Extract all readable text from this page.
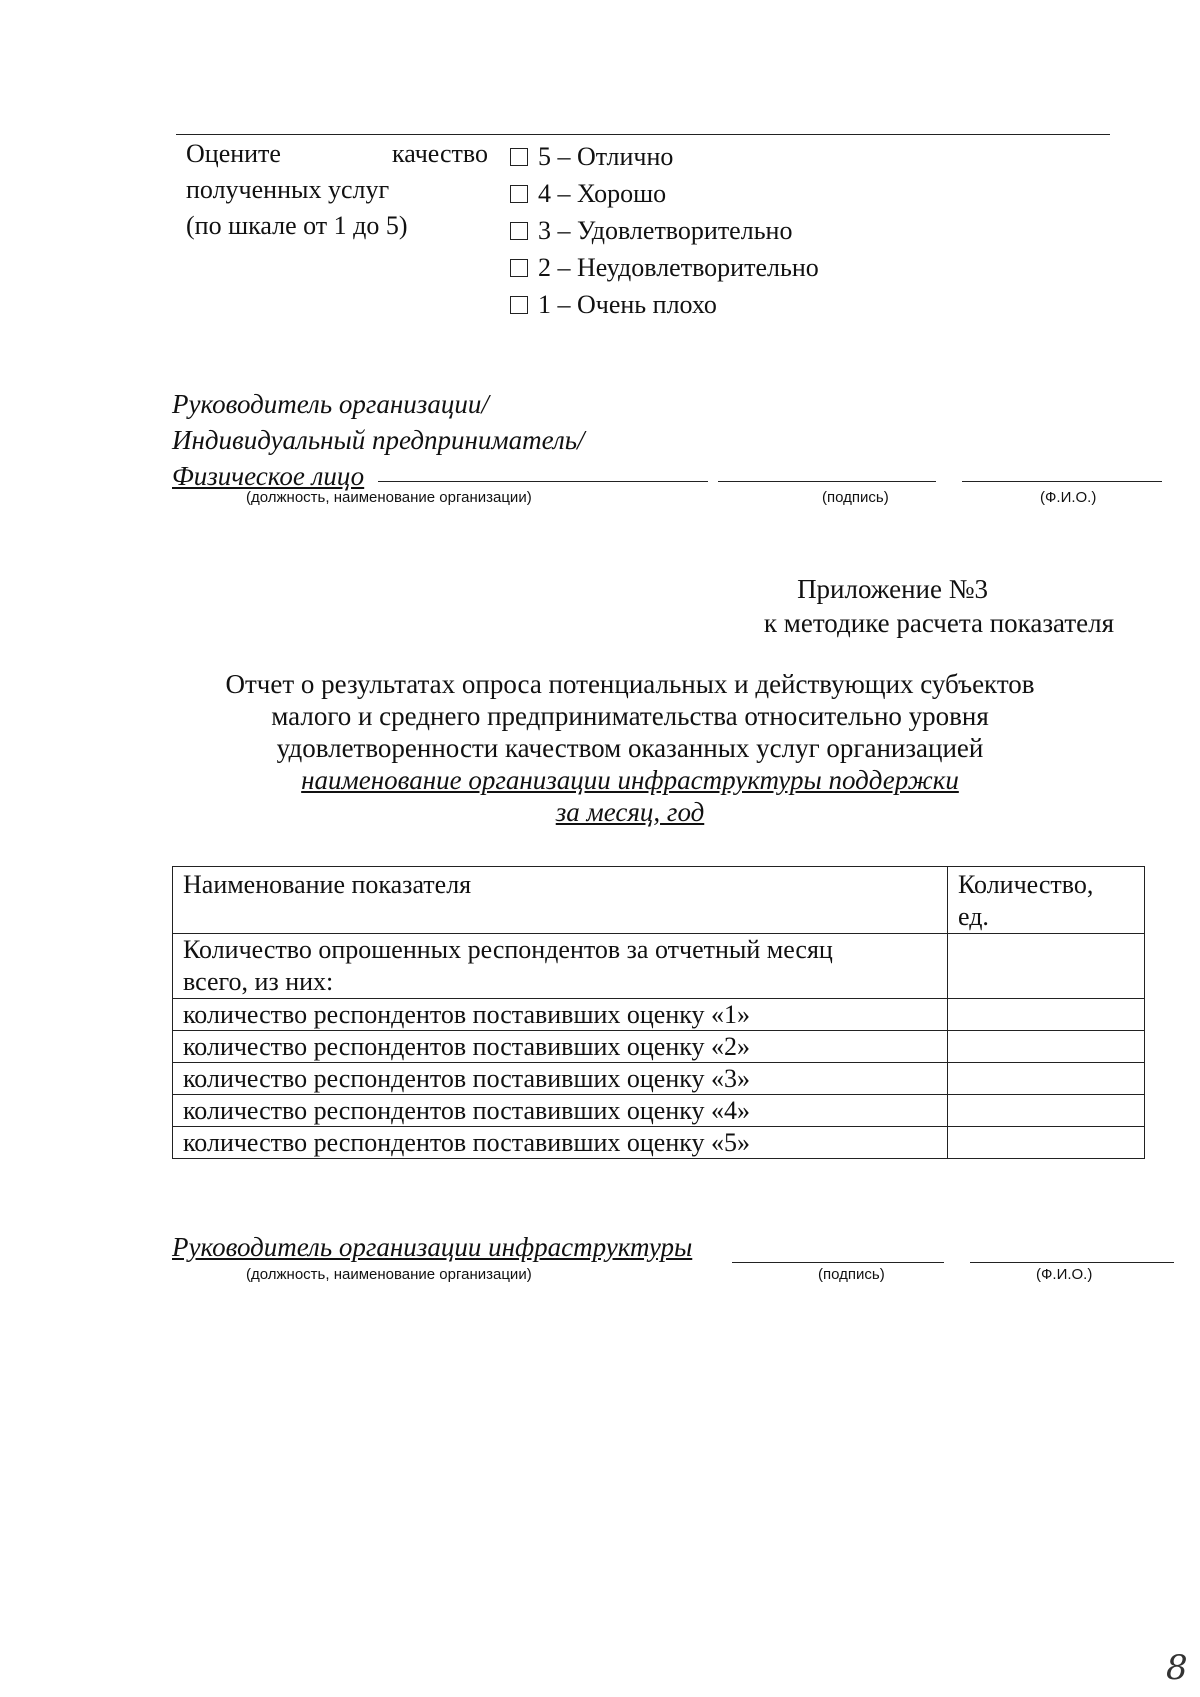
Оцените	качество
полученных услуг
(по шкале от 1 до 5)
5 – Отлично
4 – Хорошо
3 – Удовлетворительно
2 – Неудовлетворительно
1 – Очень плохо
Руководитель организации/
Индивидуальный предприниматель/
Физическое лицо
(должность, наименование организации)	(подпись)	(Ф.И.О.)
Приложение №3
к методике расчета показателя
Отчет о результатах опроса потенциальных и действующих субъектов
малого и среднего предпринимательства относительно уровня
удовлетворенности качеством оказанных услуг организацией
наименование организации инфраструктуры поддержки
за месяц, год
Наименование показателя	Количество,
ед.
Количество опрошенных респондентов за отчетный месяц
всего, из них:	
количество респондентов поставивших оценку «1»	
количество респондентов поставивших оценку «2»	
количество респондентов поставивших оценку «3»	
количество респондентов поставивших оценку «4»	
количество респондентов поставивших оценку «5»	
Руководитель организации инфраструктуры
(должность, наименование организации)	(подпись)	(Ф.И.О.)
8
